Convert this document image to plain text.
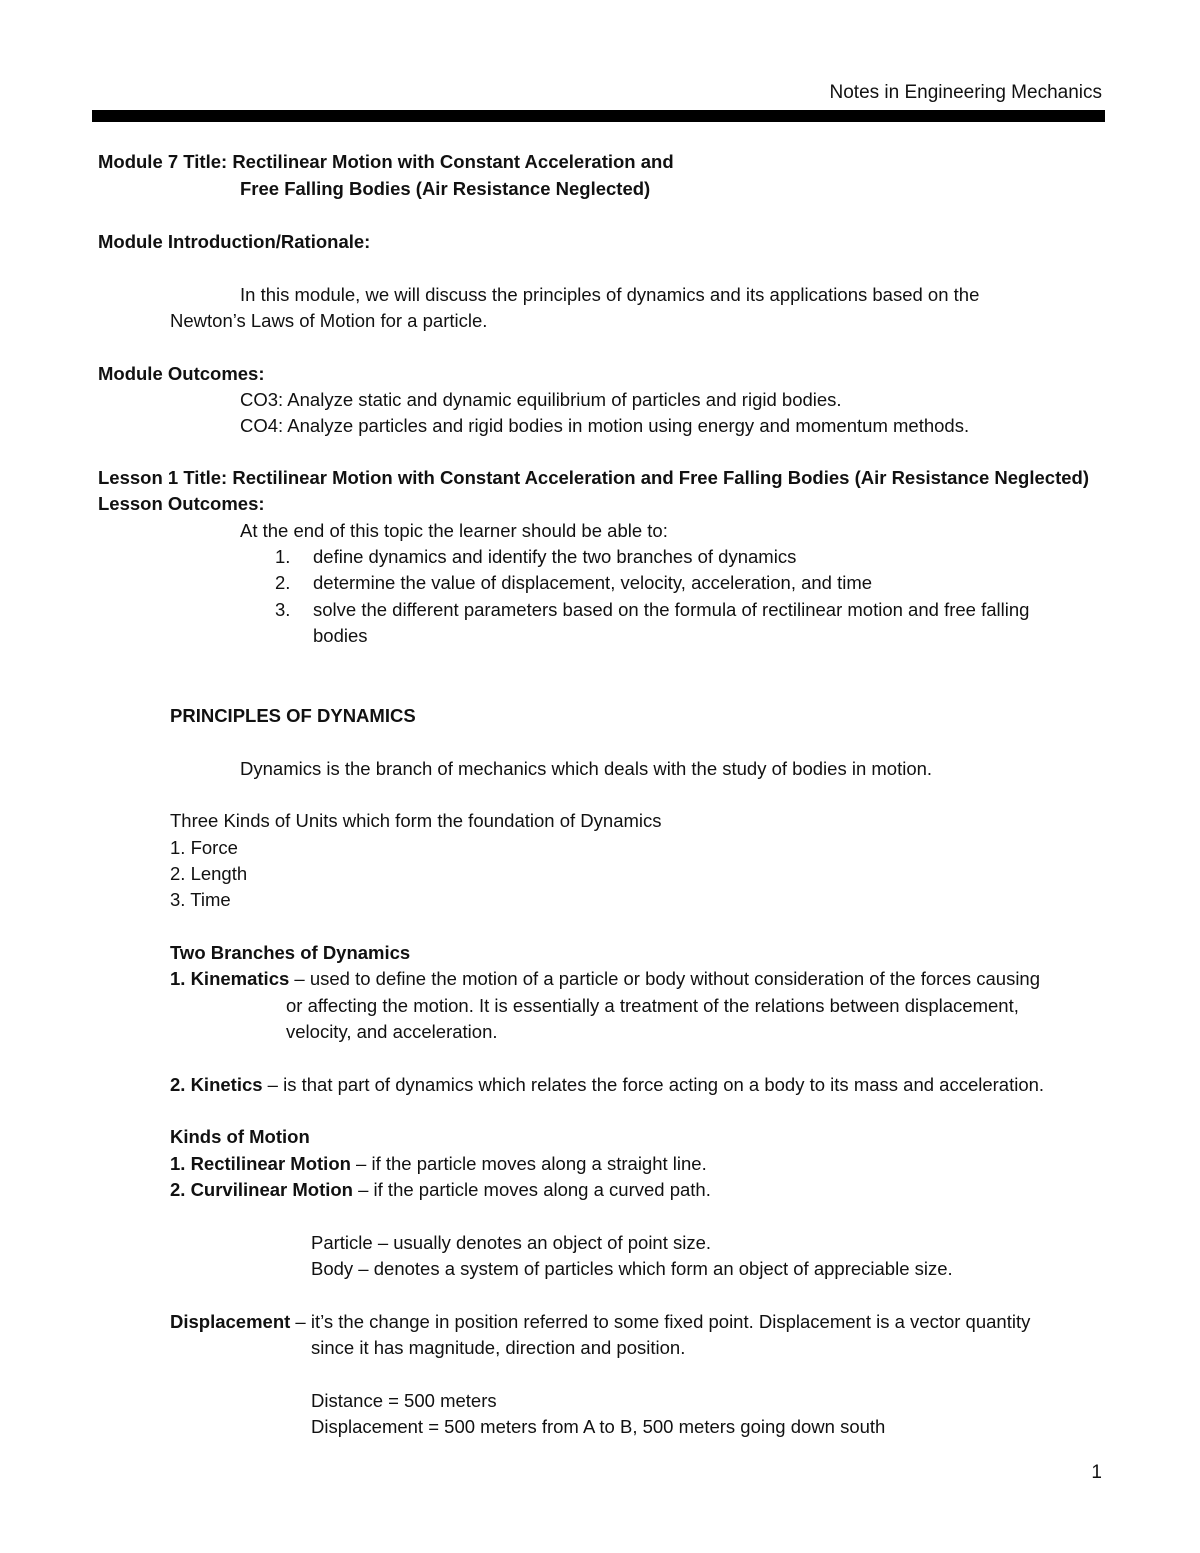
Notes in Engineering Mechanics
Module 7 Title: Rectilinear Motion with Constant Acceleration and
Free Falling Bodies (Air Resistance Neglected)
Module Introduction/Rationale:
In this module, we will discuss the principles of dynamics and its applications based on the
Newton’s Laws of Motion for a particle.
Module Outcomes:
CO3: Analyze static and dynamic equilibrium of particles and rigid bodies.
CO4: Analyze particles and rigid bodies in motion using energy and momentum methods.
Lesson 1 Title: Rectilinear Motion with Constant Acceleration and Free Falling Bodies (Air Resistance Neglected)
Lesson Outcomes:
At the end of this topic the learner should be able to:
1. define dynamics and identify the two branches of dynamics
2. determine the value of displacement, velocity, acceleration, and time
3. solve the different parameters based on the formula of rectilinear motion and free falling
bodies
PRINCIPLES OF DYNAMICS
Dynamics is the branch of mechanics which deals with the study of bodies in motion.
Three Kinds of Units which form the foundation of Dynamics
1. Force
2. Length
3. Time
Two Branches of Dynamics
1. Kinematics – used to define the motion of a particle or body without consideration of the forces causing
or affecting the motion. It is essentially a treatment of the relations between displacement,
velocity, and acceleration.
2. Kinetics – is that part of dynamics which relates the force acting on a body to its mass and acceleration.
Kinds of Motion
1. Rectilinear Motion – if the particle moves along a straight line.
2. Curvilinear Motion – if the particle moves along a curved path.
Particle – usually denotes an object of point size.
Body – denotes a system of particles which form an object of appreciable size.
Displacement – it’s the change in position referred to some fixed point. Displacement is a vector quantity
since it has magnitude, direction and position.
Distance = 500 meters
Displacement = 500 meters from A to B, 500 meters going down south
1
